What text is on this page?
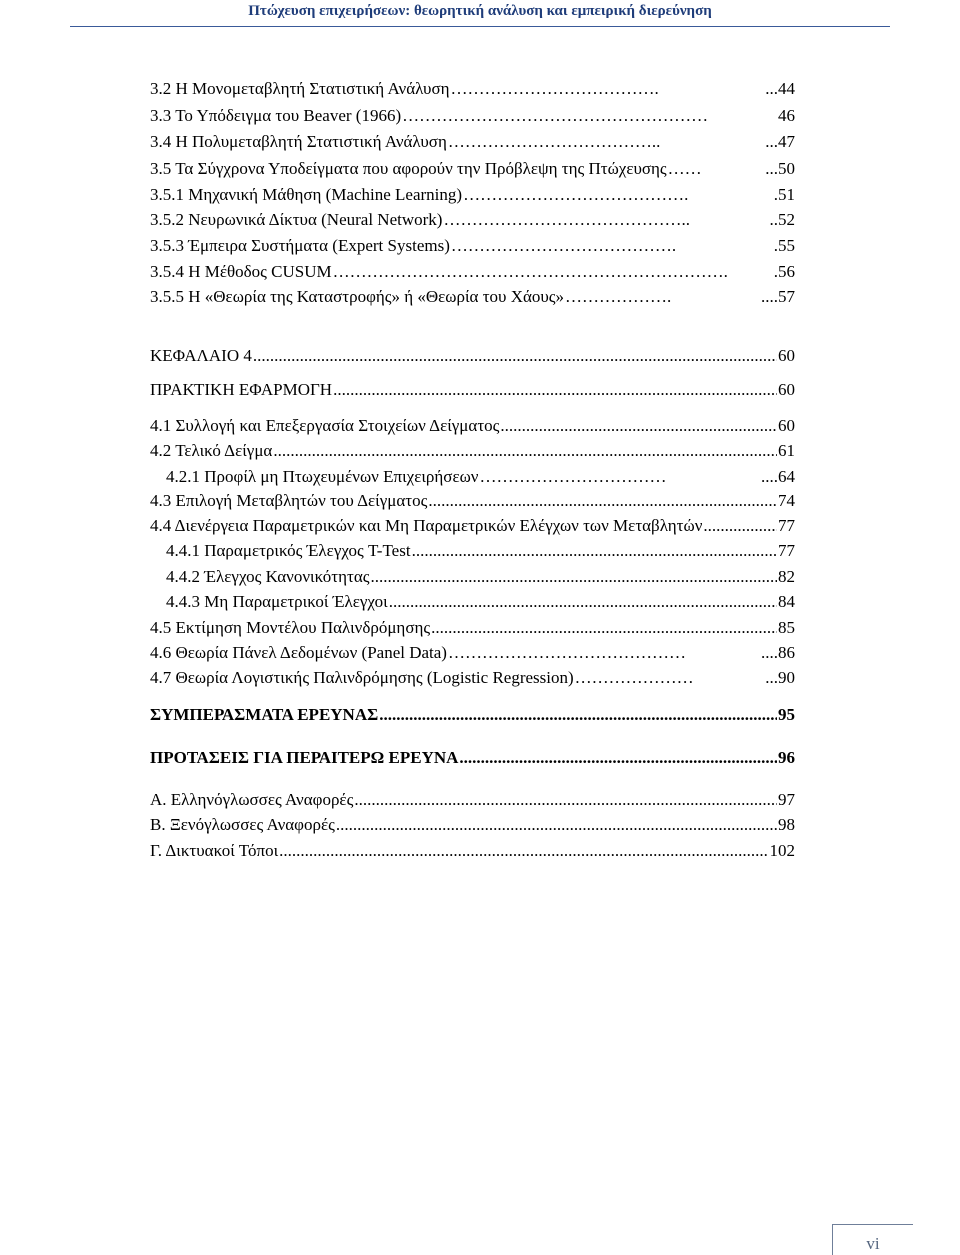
Πτώχευση επιχειρήσεων: θεωρητική ανάλυση και εμπειρική διερεύνηση
3.2 Η Μονομεταβλητή Στατιστική Ανάλυση ……………………………….	...44
3.3 Το Υπόδειγμα του Beaver (1966) ………………………………………………	46
3.4 Η Πολυμεταβλητή Στατιστική Ανάλυση ………………………………..	...47
3.5 Τα Σύγχρονα Υποδείγματα που αφορούν την Πρόβλεψη της Πτώχευσης ……	...50
3.5.1 Μηχανική Μάθηση (Machine Learning) ………………………………….	.51
3.5.2 Νευρωνικά Δίκτυα (Neural Network) ……………………………………..	..52
3.5.3 Έμπειρα Συστήματα (Expert Systems) ………………………………….	.55
3.5.4 Η Μέθοδος CUSUM …………………………………………………………….	.56
3.5.5 Η «Θεωρία της Καταστροφής» ή «Θεωρία του Χάους» ……………….	....57
ΚΕΦΑΛΑΙΟ 4 .....	60
ΠΡΑΚΤΙΚΗ ΕΦΑΡΜΟΓΗ .....	60
4.1 Συλλογή και Επεξεργασία Στοιχείων Δείγματος .....	60
4.2 Τελικό Δείγμα .....	61
4.2.1 Προφίλ μη Πτωχευμένων Επιχειρήσεων ……………………………	....64
4.3 Επιλογή Μεταβλητών του Δείγματος .....	74
4.4 Διενέργεια Παραμετρικών και Μη Παραμετρικών Ελέγχων των Μεταβλητών .....	77
4.4.1 Παραμετρικός Έλεγχος T-Test .....	77
4.4.2 Έλεγχος Κανονικότητας .....	82
4.4.3 Μη Παραμετρικοί Έλεγχοι .....	84
4.5 Εκτίμηση Μοντέλου Παλινδρόμησης .....	85
4.6 Θεωρία Πάνελ Δεδομένων (Panel Data) ……………………………………	....86
4.7 Θεωρία Λογιστικής Παλινδρόμησης (Logistic Regression) …………………	...90
ΣΥΜΠΕΡΑΣΜΑΤΑ ΕΡΕΥΝΑΣ .....	95
ΠΡΟΤΑΣΕΙΣ ΓΙΑ ΠΕΡΑΙΤΕΡΩ ΕΡΕΥΝΑ .....	96
Α. Ελληνόγλωσσες Αναφορές .....	97
Β. Ξενόγλωσσες Αναφορές .....	98
Γ. Δικτυακοί Τόποι .....	102
vi
